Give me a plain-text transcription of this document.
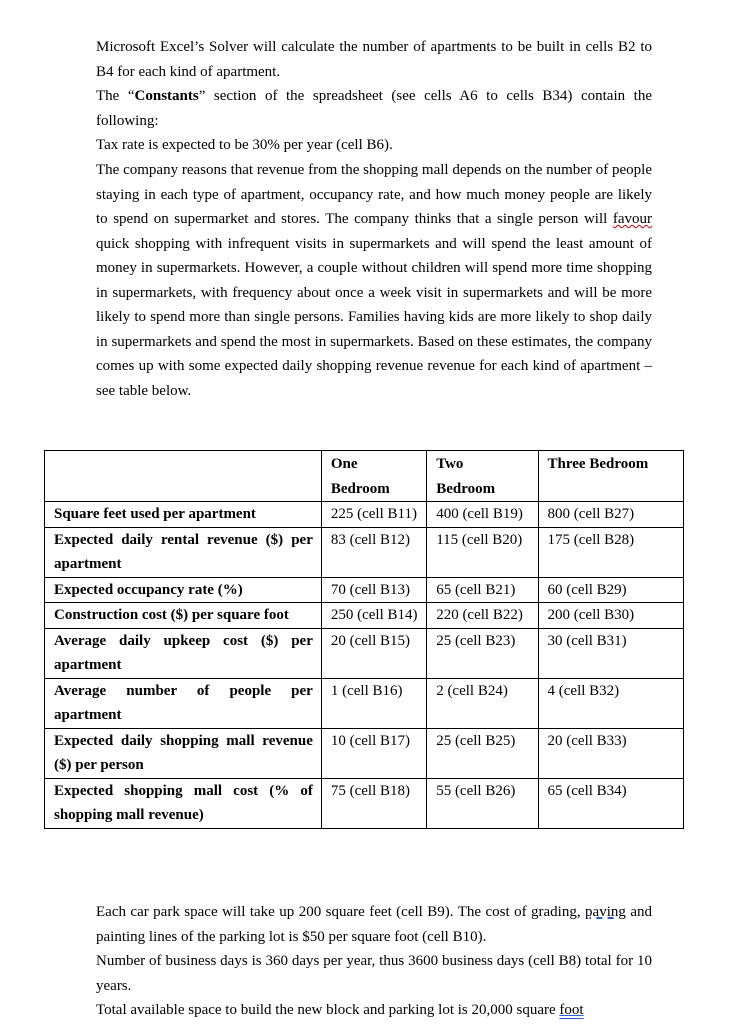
Microsoft Excel’s Solver will calculate the number of apartments to be built in cells B2 to B4 for each kind of apartment.
The “Constants” section of the spreadsheet (see cells A6 to cells B34) contain the following:
Tax rate is expected to be 30% per year (cell B6).
The company reasons that revenue from the shopping mall depends on the number of people staying in each type of apartment, occupancy rate, and how much money people are likely to spend on supermarket and stores. The company thinks that a single person will favour quick shopping with infrequent visits in supermarkets and will spend the least amount of money in supermarkets. However, a couple without children will spend more time shopping in supermarkets, with frequency about once a week visit in supermarkets and will be more likely to spend more than single persons. Families having kids are more likely to shop daily in supermarkets and spend the most in supermarkets. Based on these estimates, the company comes up with some expected daily shopping revenue revenue for each kind of apartment – see table below.

	One Bedroom	Two Bedroom	Three Bedroom
Square feet used per apartment	225 (cell B11)	400 (cell B19)	800 (cell B27)
Expected daily rental revenue ($) per apartment	83 (cell B12)	115 (cell B20)	175 (cell B28)
Expected occupancy rate (%)	70 (cell B13)	65 (cell B21)	60 (cell B29)
Construction cost ($) per square foot	250 (cell B14)	220 (cell B22)	200 (cell B30)
Average daily upkeep cost ($) per apartment	20 (cell B15)	25 (cell B23)	30 (cell B31)
Average number of people per apartment	1 (cell B16)	2 (cell B24)	4 (cell B32)
Expected daily shopping mall revenue ($) per person	10 (cell B17)	25 (cell B25)	20 (cell B33)
Expected shopping mall cost (% of shopping mall revenue)	75 (cell B18)	55 (cell B26)	65 (cell B34)
Each car park space will take up 200 square feet (cell B9). The cost of grading, paving and painting lines of the parking lot is $50 per square foot (cell B10).
Number of business days is 360 days per year, thus 3600 business days (cell B8) total for 10 years.
Total available space to build the new block and parking lot is 20,000 square foot
